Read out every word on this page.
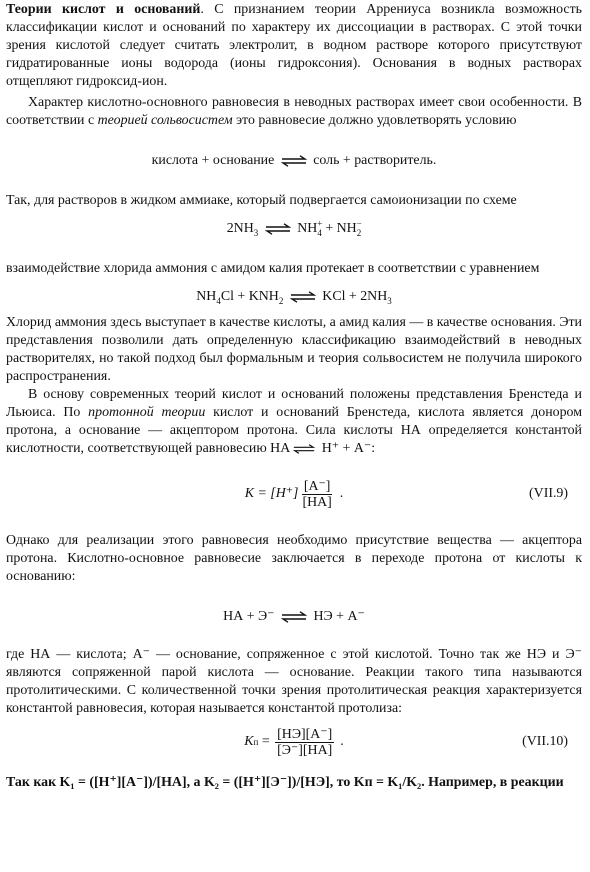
Теории кислот и оснований. С признанием теории Аррениуса возникла возможность классификации кислот и оснований по характеру их диссоциации в растворах. С этой точки зрения кислотой следует считать электролит, в водном растворе которого присутствуют гидратированные ионы водорода (ионы гидроксония). Основания в водных растворах отщепляют гидроксид-ион.

Характер кислотно-основного равновесия в неводных растворах имеет свои особенности. В соответствии с теорией сольвосистем это равновесие должно удовлетворять условию

кислота + основание ⇌ соль + растворитель.

Так, для растворов в жидком аммиаке, который подвергается самоионизации по схеме

$2NH_3$ ⇌ $NH^+_4 + NH^-_2$

взаимодействие хлорида аммония с амидом калия протекает в соответствии с уравнением

$NH_4Cl + KNH_2$ ⇌ KCl + $2NH_3$

Хлорид аммония здесь выступает в качестве кислоты, а амид калия — в качестве основания. Эти представления позволили дать определенную классификацию взаимодействий в неводных растворителях, но такой подход был формальным и теория сольвосистем не получила широкого распространения.

В основу современных теорий кислот и оснований положены представления Бренстеда и Льюиса. По протонной теории кислот и оснований Бренстеда, кислота является донором протона, а основание — акцептором протона. Сила кислоты НА определяется константой кислотности, соответствующей равновесию НА ⇌ Н⁺ + А⁻:

$K = [H^+] \frac{[A^-]}{[HA]}$ .	(VII.9)

Однако для реализации этого равновесия необходимо присутствие вещества — акцептора протона. Кислотно-основное равновесие заключается в переходе протона от кислоты к основанию:

НА + Э⁻ ⇌ НЭ + А⁻

где НА — кислота; А⁻ — основание, сопряженное с этой кислотой. Точно так же НЭ и Э⁻ являются сопряженной парой кислота — основание. Реакции такого типа называются протолитическими. С количественной точки зрения протолитическая реакция характеризуется константой равновесия, которая называется константой протолиза:

K $п = \frac{[HЭ][A^-]}{[Э^-][HA]}$ .	(VII.10)

Так как K₁ = ([H⁺][A⁻])/[HA], а K₂ = ([H⁺][Э⁻])/[HЭ], то Kп = K₁/K₂. Например, в реакции
